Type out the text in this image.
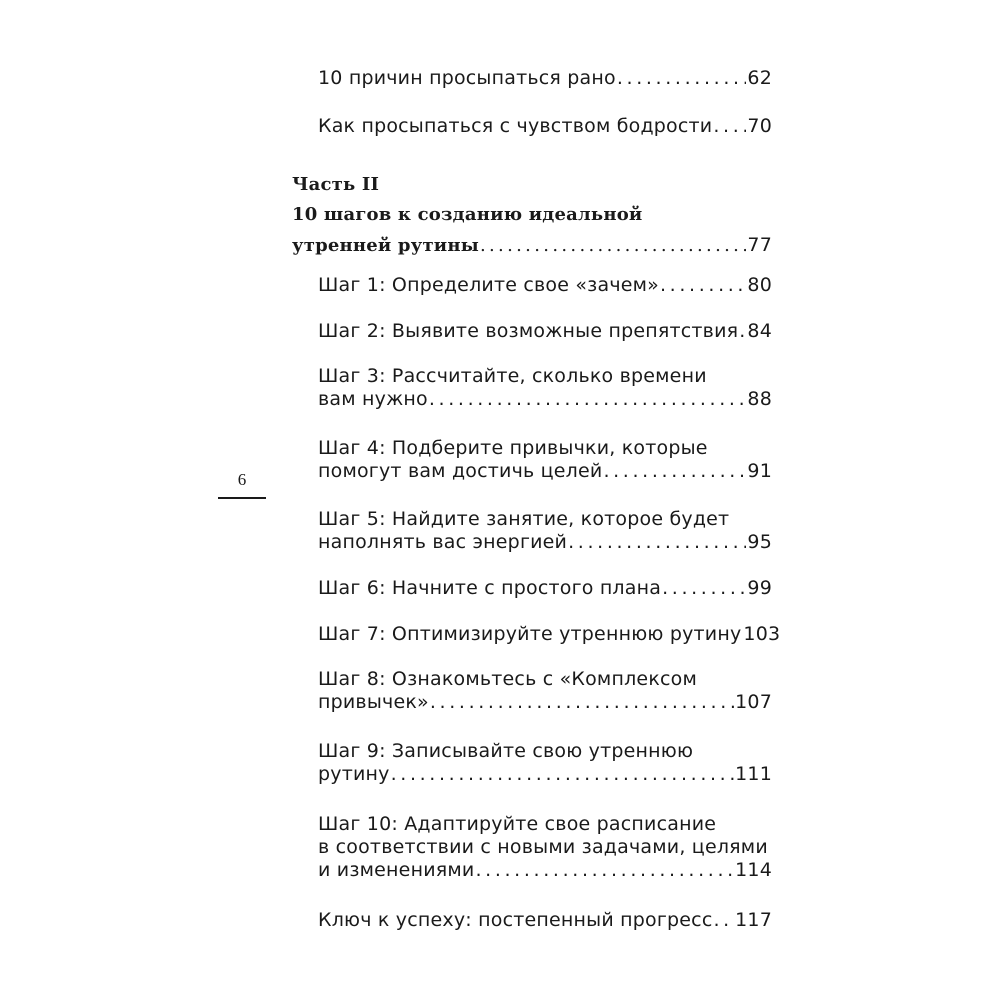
10 причин просыпаться рано . . .	62
Как просыпаться с чувством бодрости . . . 70
Часть II
10 шагов к созданию идеальной
утренней рутины . . .	77
Шаг 1: Определите свое «зачем» . . .	80
Шаг 2: Выявите возможные препятствия . . . 84
Шаг 3: Рассчитайте, сколько времени
вам нужно . . .	88
Шаг 4: Подберите привычки, которые
помогут вам достичь целей . . .	91
Шаг 5: Найдите занятие, которое будет
наполнять вас энергией . . .	95
Шаг 6: Начните с простого плана . . .	99
Шаг 7: Оптимизируйте утреннюю рутину 103
Шаг 8: Ознакомьтесь с «Комплексом
привычек» . . .	107
Шаг 9: Записывайте свою утреннюю
рутину . . .	111
Шаг 10: Адаптируйте свое расписание
в соответствии с новыми задачами, целями
и изменениями . . .	114
Ключ к успеху: постепенный прогресс . . . 117
6
